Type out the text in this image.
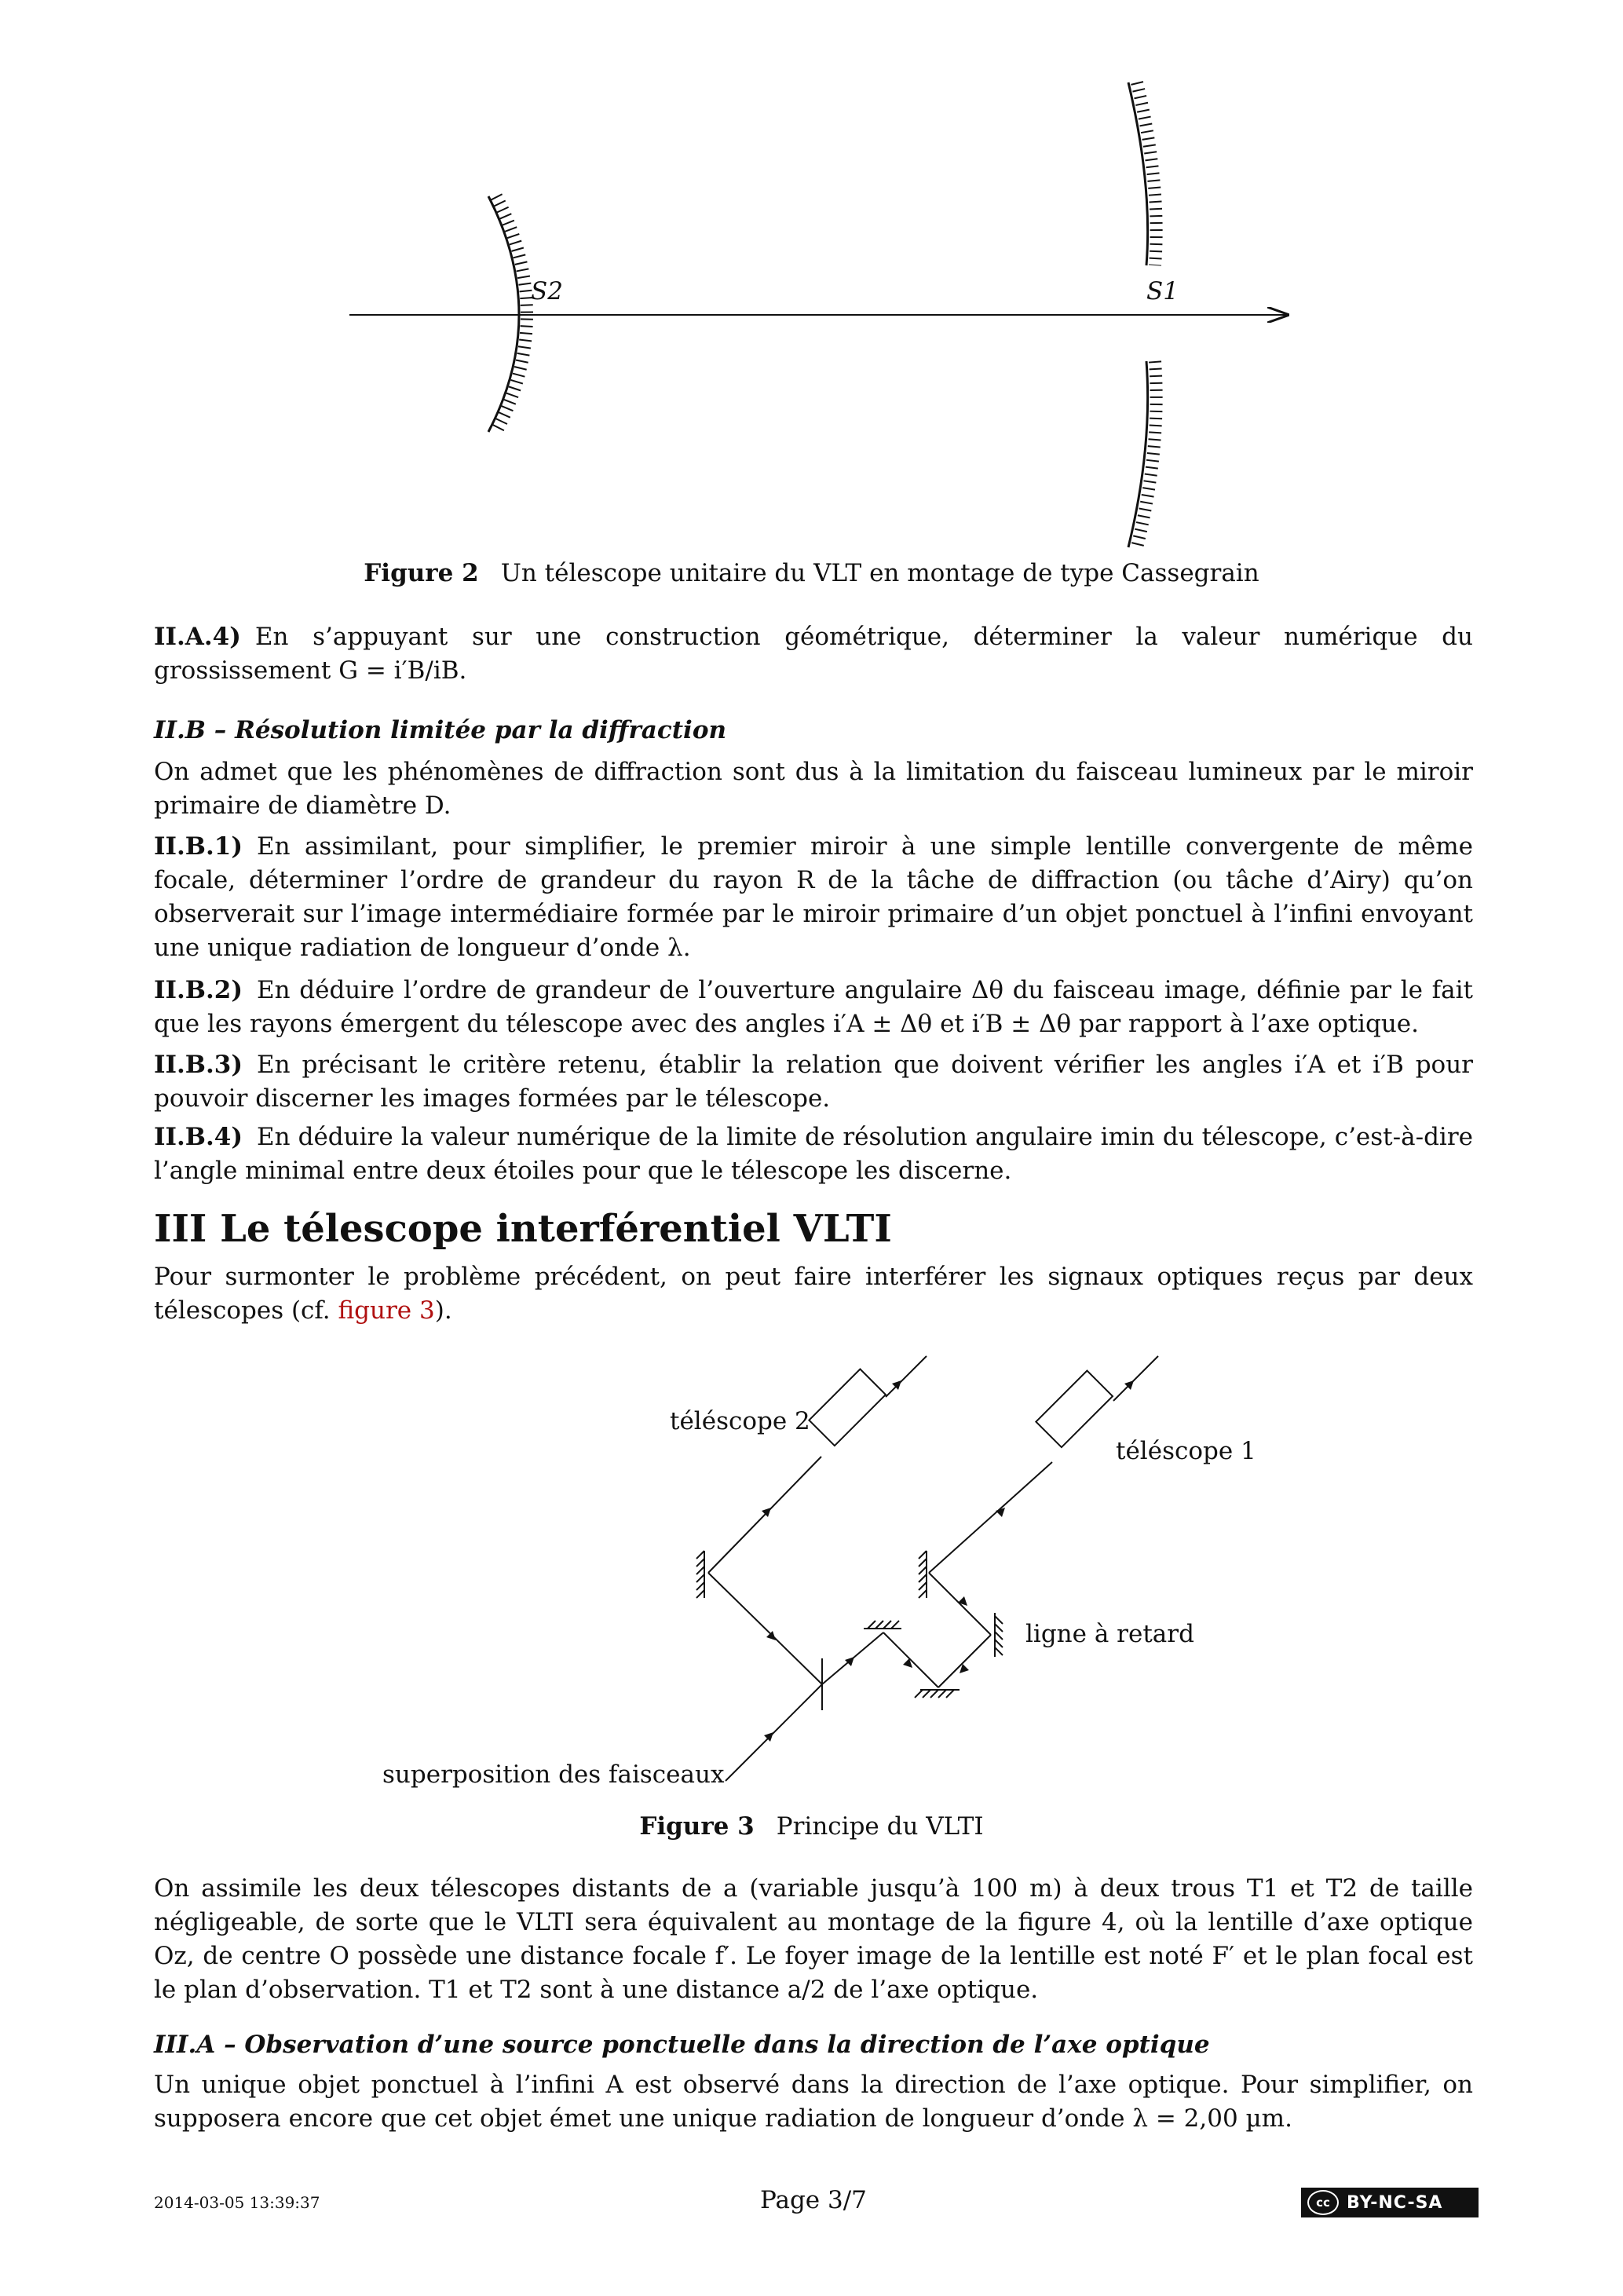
S2	S1
Figure 2 Un télescope unitaire du VLT en montage de type Cassegrain
II.A.4) En s’appuyant sur une construction géométrique, déterminer la valeur numérique du grossissement G = i′B/iB.
II.B – Résolution limitée par la diffraction
On admet que les phénomènes de diffraction sont dus à la limitation du faisceau lumineux par le miroir primaire de diamètre D.
II.B.1) En assimilant, pour simplifier, le premier miroir à une simple lentille convergente de même focale, déterminer l’ordre de grandeur du rayon R de la tâche de diffraction (ou tâche d’Airy) qu’on observerait sur l’image intermédiaire formée par le miroir primaire d’un objet ponctuel à l’infini envoyant une unique radiation de longueur d’onde λ.
II.B.2) En déduire l’ordre de grandeur de l’ouverture angulaire Δθ du faisceau image, définie par le fait que les rayons émergent du télescope avec des angles i′A ± Δθ et i′B ± Δθ par rapport à l’axe optique.
II.B.3) En précisant le critère retenu, établir la relation que doivent vérifier les angles i′A et i′B pour pouvoir discerner les images formées par le télescope.
II.B.4) En déduire la valeur numérique de la limite de résolution angulaire imin du télescope, c’est-à-dire l’angle minimal entre deux étoiles pour que le télescope les discerne.
III Le télescope interférentiel VLTI
Pour surmonter le problème précédent, on peut faire interférer les signaux optiques reçus par deux télescopes (cf. figure 3).
téléscope 2
téléscope 1
ligne à retard
superposition des faisceaux
Figure 3 Principe du VLTI
On assimile les deux télescopes distants de a (variable jusqu’à 100 m) à deux trous T1 et T2 de taille négligeable, de sorte que le VLTI sera équivalent au montage de la figure 4, où la lentille d’axe optique Oz, de centre O possède une distance focale f′. Le foyer image de la lentille est noté F′ et le plan focal est le plan d’observation. T1 et T2 sont à une distance a/2 de l’axe optique.
III.A – Observation d’une source ponctuelle dans la direction de l’axe optique
Un unique objet ponctuel à l’infini A est observé dans la direction de l’axe optique. Pour simplifier, on supposera encore que cet objet émet une unique radiation de longueur d’onde λ = 2,00 µm.
2014-03-05 13:39:37	Page 3/7	cc BY-NC-SA
